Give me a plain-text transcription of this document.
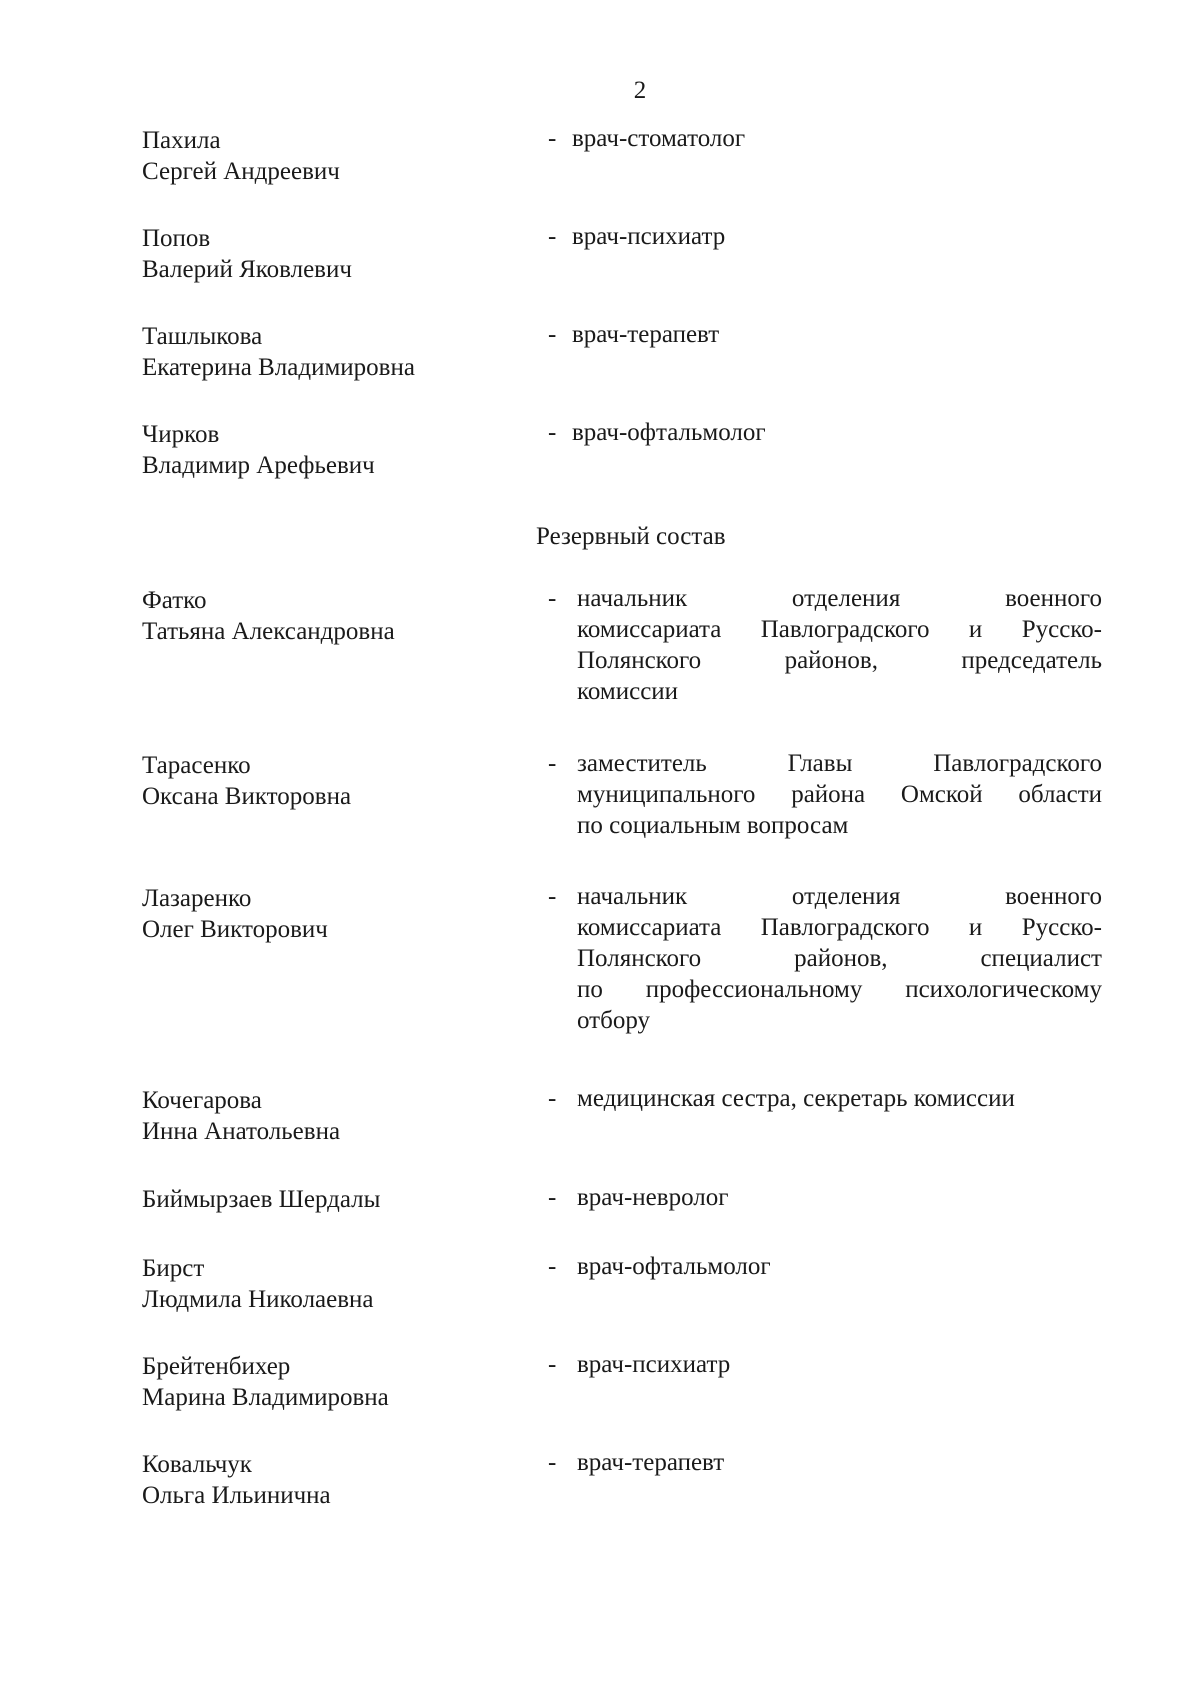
2
Пахила
Сергей Андреевич
- врач-стоматолог
Попов
Валерий Яковлевич
- врач-психиатр
Ташлыкова
Екатерина Владимировна
- врач-терапевт
Чирков
Владимир Арефьевич
- врач-офтальмолог
Резервный состав
Фатко
Татьяна Александровна
- начальник отделения военного
комиссариата Павлоградского и Русско-
Полянского районов, председатель
комиссии
Тарасенко
Оксана Викторовна
- заместитель Главы Павлоградского
муниципального района Омской области
по социальным вопросам
Лазаренко
Олег Викторович
- начальник отделения военного
комиссариата Павлоградского и Русско-
Полянского районов, специалист
по профессиональному психологическому
отбору
Кочегарова
Инна Анатольевна
- медицинская сестра, секретарь комиссии
Биймырзаев Шердалы	- врач-невролог
Бирст
Людмила Николаевна
- врач-офтальмолог
Брейтенбихер
Марина Владимировна
- врач-психиатр
Ковальчук
Ольга Ильинична
- врач-терапевт
